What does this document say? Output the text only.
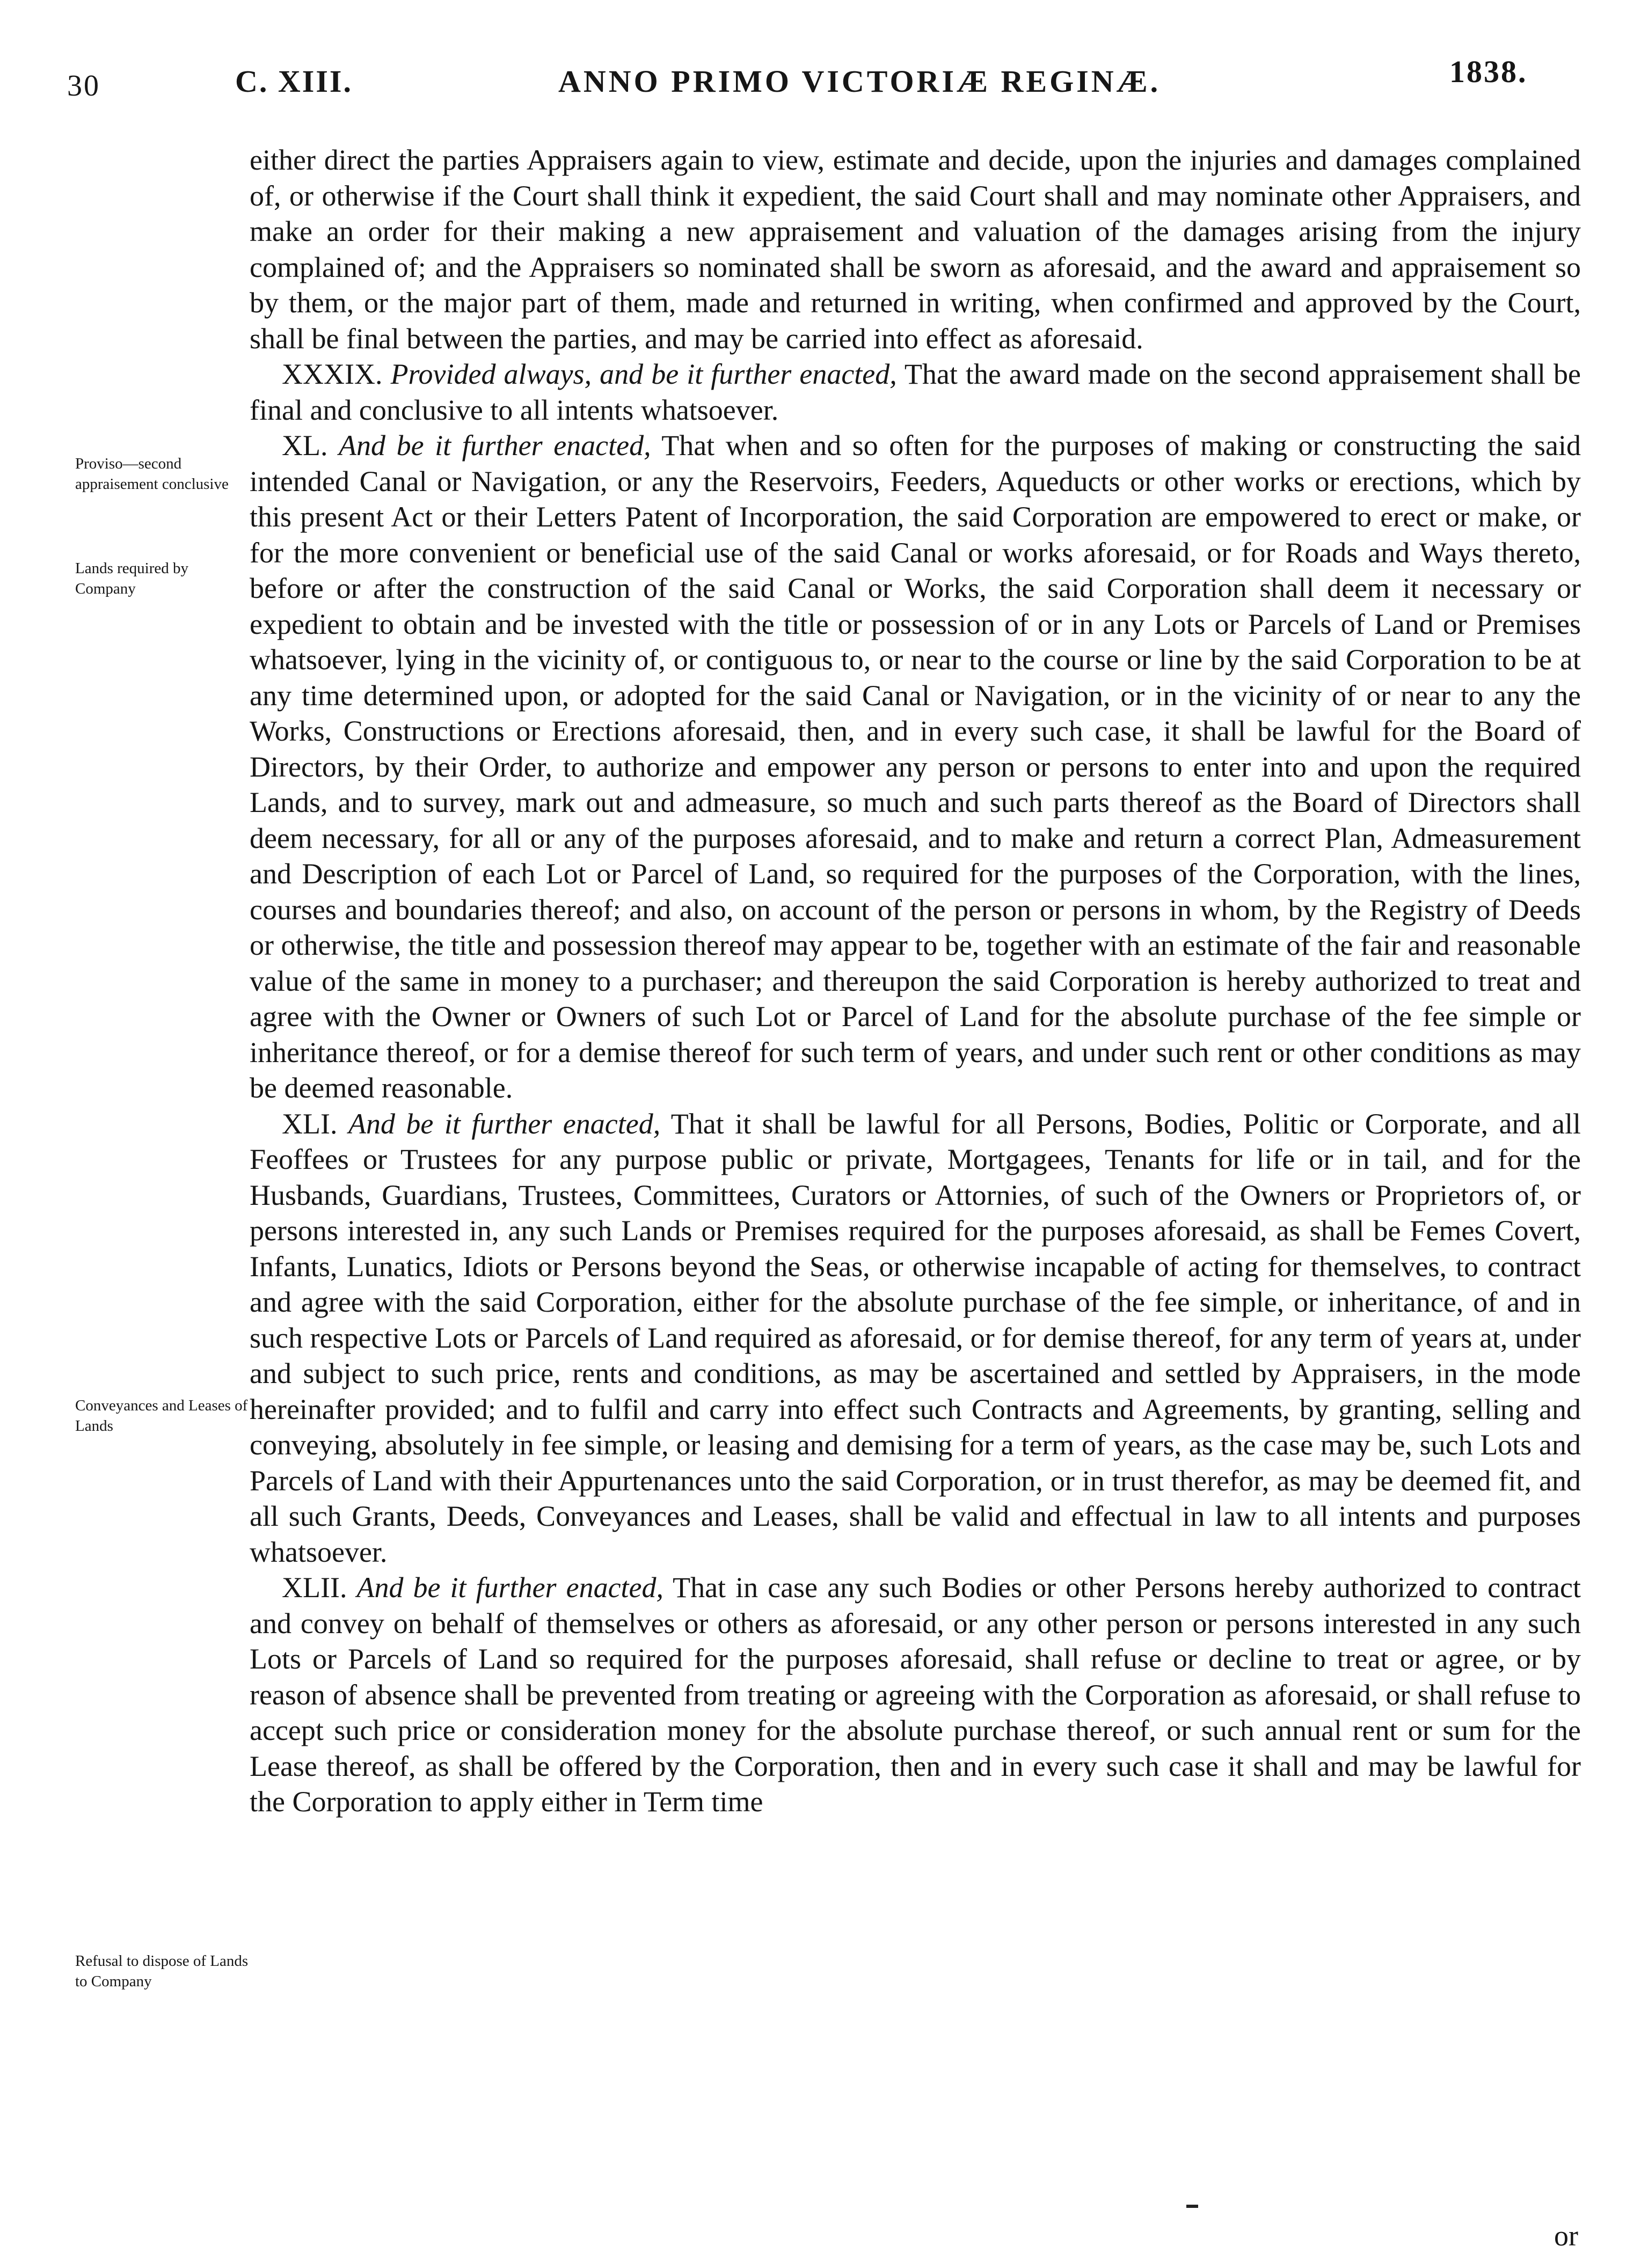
30	C. XIII.	ANNO PRIMO VICTORIÆ REGINÆ.	1838.
Proviso—second appraisement conclusive
Lands required by Company
Conveyances and Leases of Lands
Refusal to dispose of Lands to Company

either direct the parties Appraisers again to view, estimate and decide, upon the injuries and damages complained of, or otherwise if the Court shall think it expedient, the said Court shall and may nominate other Appraisers, and make an order for their making a new appraisement and valuation of the damages arising from the injury complained of; and the Appraisers so nominated shall be sworn as aforesaid, and the award and appraisement so by them, or the major part of them, made and returned in writing, when confirmed and approved by the Court, shall be final between the parties, and may be carried into effect as aforesaid.

XXXIX. Provided always, and be it further enacted, That the award made on the second appraisement shall be final and conclusive to all intents whatsoever.

XL. And be it further enacted, That when and so often for the purposes of making or constructing the said intended Canal or Navigation, or any the Reservoirs, Feeders, Aqueducts or other works or erections, which by this present Act or their Letters Patent of Incorporation, the said Corporation are empowered to erect or make, or for the more convenient or beneficial use of the said Canal or works aforesaid, or for Roads and Ways thereto, before or after the construction of the said Canal or Works, the said Corporation shall deem it necessary or expedient to obtain and be invested with the title or possession of or in any Lots or Parcels of Land or Premises whatsoever, lying in the vicinity of, or contiguous to, or near to the course or line by the said Corporation to be at any time determined upon, or adopted for the said Canal or Navigation, or in the vicinity of or near to any the Works, Constructions or Erections aforesaid, then, and in every such case, it shall be lawful for the Board of Directors, by their Order, to authorize and empower any person or persons to enter into and upon the required Lands, and to survey, mark out and admeasure, so much and such parts thereof as the Board of Directors shall deem necessary, for all or any of the purposes aforesaid, and to make and return a correct Plan, Admeasurement and Description of each Lot or Parcel of Land, so required for the purposes of the Corporation, with the lines, courses and boundaries thereof; and also, on account of the person or persons in whom, by the Registry of Deeds or otherwise, the title and possession thereof may appear to be, together with an estimate of the fair and reasonable value of the same in money to a purchaser; and thereupon the said Corporation is hereby authorized to treat and agree with the Owner or Owners of such Lot or Parcel of Land for the absolute purchase of the fee simple or inheritance thereof, or for a demise thereof for such term of years, and under such rent or other conditions as may be deemed reasonable.

XLI. And be it further enacted, That it shall be lawful for all Persons, Bodies, Politic or Corporate, and all Feoffees or Trustees for any purpose public or private, Mortgagees, Tenants for life or in tail, and for the Husbands, Guardians, Trustees, Committees, Curators or Attornies, of such of the Owners or Proprietors of, or persons interested in, any such Lands or Premises required for the purposes aforesaid, as shall be Femes Covert, Infants, Lunatics, Idiots or Persons beyond the Seas, or otherwise incapable of acting for themselves, to contract and agree with the said Corporation, either for the absolute purchase of the fee simple, or inheritance, of and in such respective Lots or Parcels of Land required as aforesaid, or for demise thereof, for any term of years at, under and subject to such price, rents and conditions, as may be ascertained and settled by Appraisers, in the mode hereinafter provided; and to fulfil and carry into effect such Contracts and Agreements, by granting, selling and conveying, absolutely in fee simple, or leasing and demising for a term of years, as the case may be, such Lots and Parcels of Land with their Appurtenances unto the said Corporation, or in trust therefor, as may be deemed fit, and all such Grants, Deeds, Conveyances and Leases, shall be valid and effectual in law to all intents and purposes whatsoever.

XLII. And be it further enacted, That in case any such Bodies or other Persons hereby authorized to contract and convey on behalf of themselves or others as aforesaid, or any other person or persons interested in any such Lots or Parcels of Land so required for the purposes aforesaid, shall refuse or decline to treat or agree, or by reason of absence shall be prevented from treating or agreeing with the Corporation as aforesaid, or shall refuse to accept such price or consideration money for the absolute purchase thereof, or such annual rent or sum for the Lease thereof, as shall be offered by the Corporation, then and in every such case it shall and may be lawful for the Corporation to apply either in Term time

or
